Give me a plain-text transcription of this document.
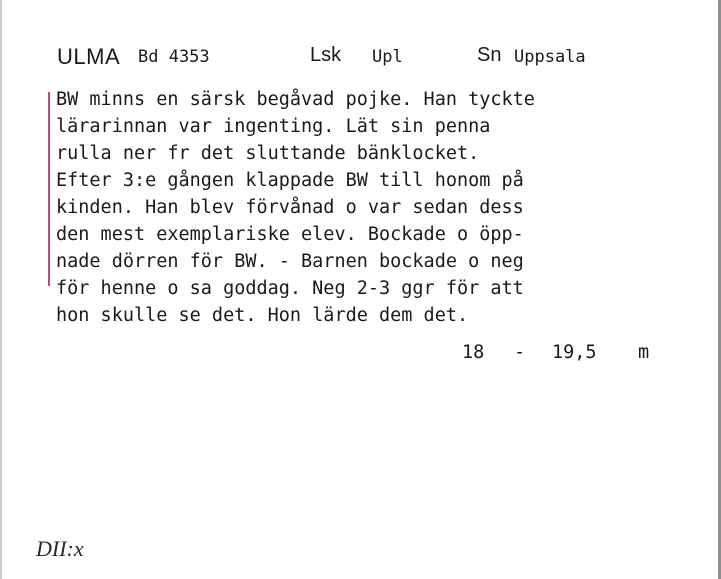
ULMA Bd 4353	Lsk Upl	Sn Uppsala
BW minns en särsk begåvad pojke. Han tyckte
lärarinnan var ingenting. Lät sin penna
rulla ner fr det sluttande bänklocket.
Efter 3:e gången klappade BW till honom på
kinden. Han blev förvånad o var sedan dess
den mest exemplariske elev. Bockade o öpp-
nade dörren för BW. - Barnen bockade o neg
för henne o sa goddag. Neg 2-3 ggr för att
hon skulle se det. Hon lärde dem det.

18

-

19,5

m

DII:x
